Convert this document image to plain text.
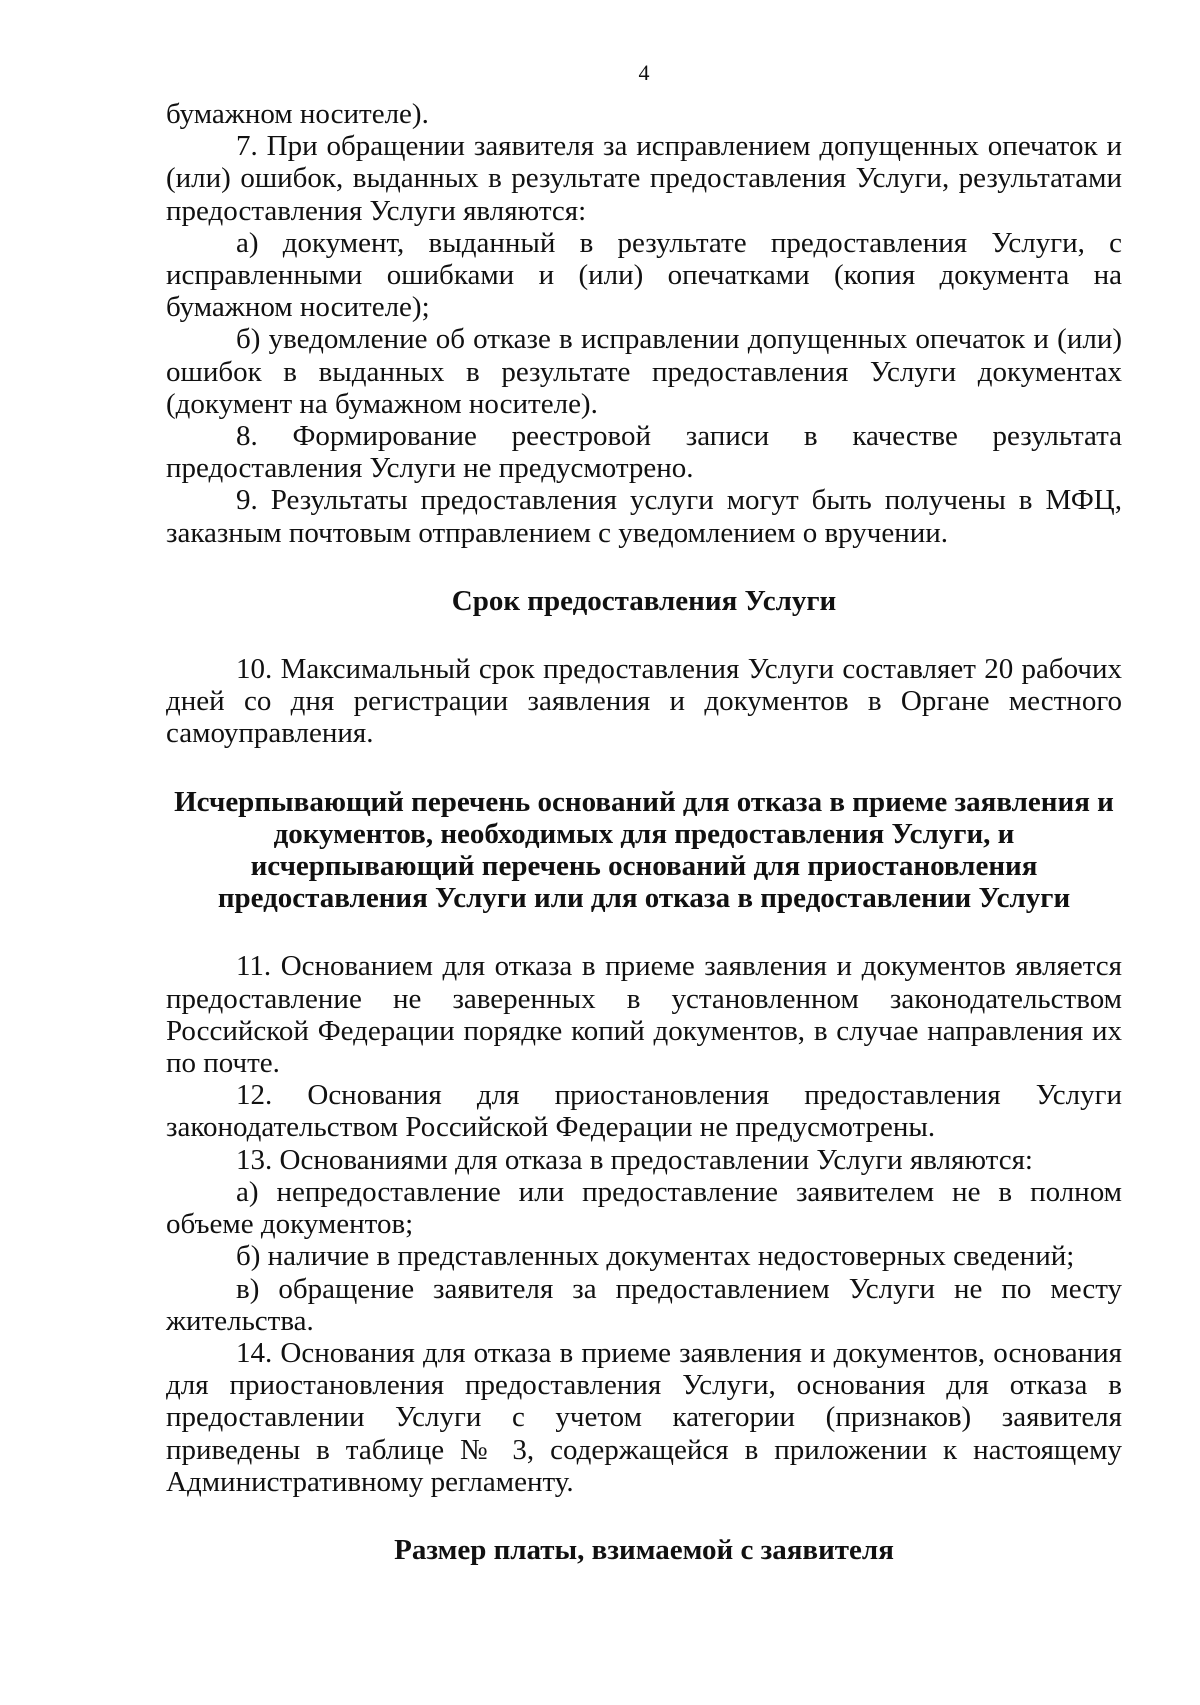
4

бумажном носителе).

7. При обращении заявителя за исправлением допущенных опечаток и (или) ошибок, выданных в результате предоставления Услуги, результатами предоставления Услуги являются:

а) документ, выданный в результате предоставления Услуги, с исправленными ошибками и (или) опечатками (копия документа на бумажном носителе);

б) уведомление об отказе в исправлении допущенных опечаток и (или) ошибок в выданных в результате предоставления Услуги документах (документ на бумажном носителе).

8. Формирование реестровой записи в качестве результата предоставления Услуги не предусмотрено.

9. Результаты предоставления услуги могут быть получены в МФЦ, заказным почтовым отправлением с уведомлением о вручении.

Срок предоставления Услуги

10. Максимальный срок предоставления Услуги составляет 20 рабочих дней со дня регистрации заявления и документов в Органе местного самоуправления.

Исчерпывающий перечень оснований для отказа в приеме заявления и
документов, необходимых для предоставления Услуги, и
исчерпывающий перечень оснований для приостановления
предоставления Услуги или для отказа в предоставлении Услуги

11. Основанием для отказа в приеме заявления и документов является предоставление не заверенных в установленном законодательством Российской Федерации порядке копий документов, в случае направления их по почте.

12. Основания для приостановления предоставления Услуги законодательством Российской Федерации не предусмотрены.

13. Основаниями для отказа в предоставлении Услуги являются:

а) непредоставление или предоставление заявителем не в полном объеме документов;

б) наличие в представленных документах недостоверных сведений;

в) обращение заявителя за предоставлением Услуги не по месту жительства.

14. Основания для отказа в приеме заявления и документов, основания для приостановления предоставления Услуги, основания для отказа в предоставлении Услуги с учетом категории (признаков) заявителя приведены в таблице № 3, содержащейся в приложении к настоящему Административному регламенту.

Размер платы, взимаемой с заявителя
